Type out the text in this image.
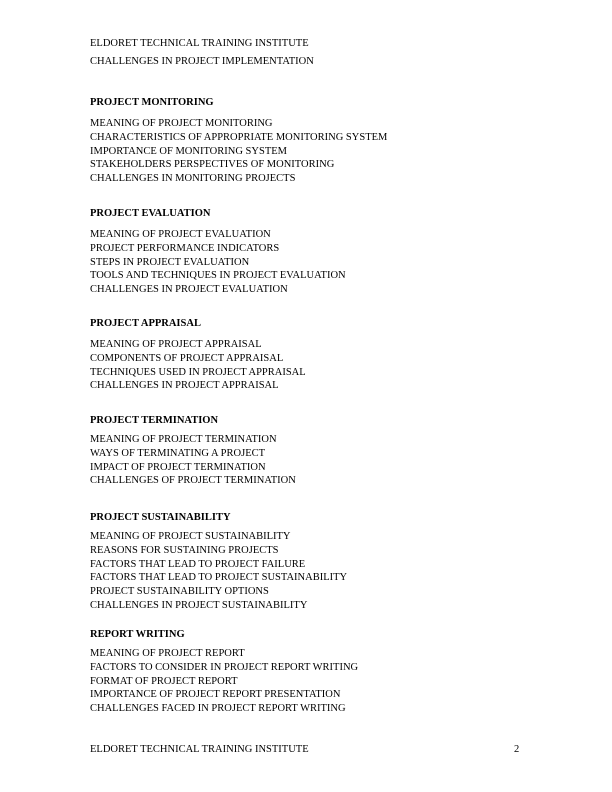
ELDORET TECHNICAL TRAINING INSTITUTE
CHALLENGES IN PROJECT IMPLEMENTATION
PROJECT MONITORING
MEANING OF PROJECT MONITORING
CHARACTERISTICS OF APPROPRIATE MONITORING SYSTEM
IMPORTANCE OF MONITORING SYSTEM
STAKEHOLDERS PERSPECTIVES OF MONITORING
CHALLENGES IN MONITORING PROJECTS
PROJECT EVALUATION
MEANING OF PROJECT EVALUATION
PROJECT PERFORMANCE INDICATORS
STEPS IN PROJECT EVALUATION
TOOLS AND TECHNIQUES IN PROJECT EVALUATION
CHALLENGES IN PROJECT EVALUATION
PROJECT APPRAISAL
MEANING OF PROJECT APPRAISAL
COMPONENTS OF PROJECT APPRAISAL
TECHNIQUES USED IN PROJECT APPRAISAL
CHALLENGES IN PROJECT APPRAISAL
PROJECT TERMINATION
MEANING OF PROJECT TERMINATION
WAYS OF TERMINATING A PROJECT
IMPACT OF PROJECT TERMINATION
CHALLENGES OF PROJECT TERMINATION
PROJECT SUSTAINABILITY
MEANING OF PROJECT SUSTAINABILITY
REASONS FOR SUSTAINING PROJECTS
FACTORS THAT LEAD TO PROJECT FAILURE
FACTORS THAT LEAD TO PROJECT SUSTAINABILITY
PROJECT SUSTAINABILITY OPTIONS
CHALLENGES IN PROJECT SUSTAINABILITY
REPORT WRITING
MEANING OF PROJECT REPORT
FACTORS TO CONSIDER IN PROJECT REPORT WRITING
FORMAT OF PROJECT REPORT
IMPORTANCE OF PROJECT REPORT PRESENTATION
CHALLENGES FACED IN PROJECT REPORT WRITING
ELDORET TECHNICAL TRAINING INSTITUTE	2
